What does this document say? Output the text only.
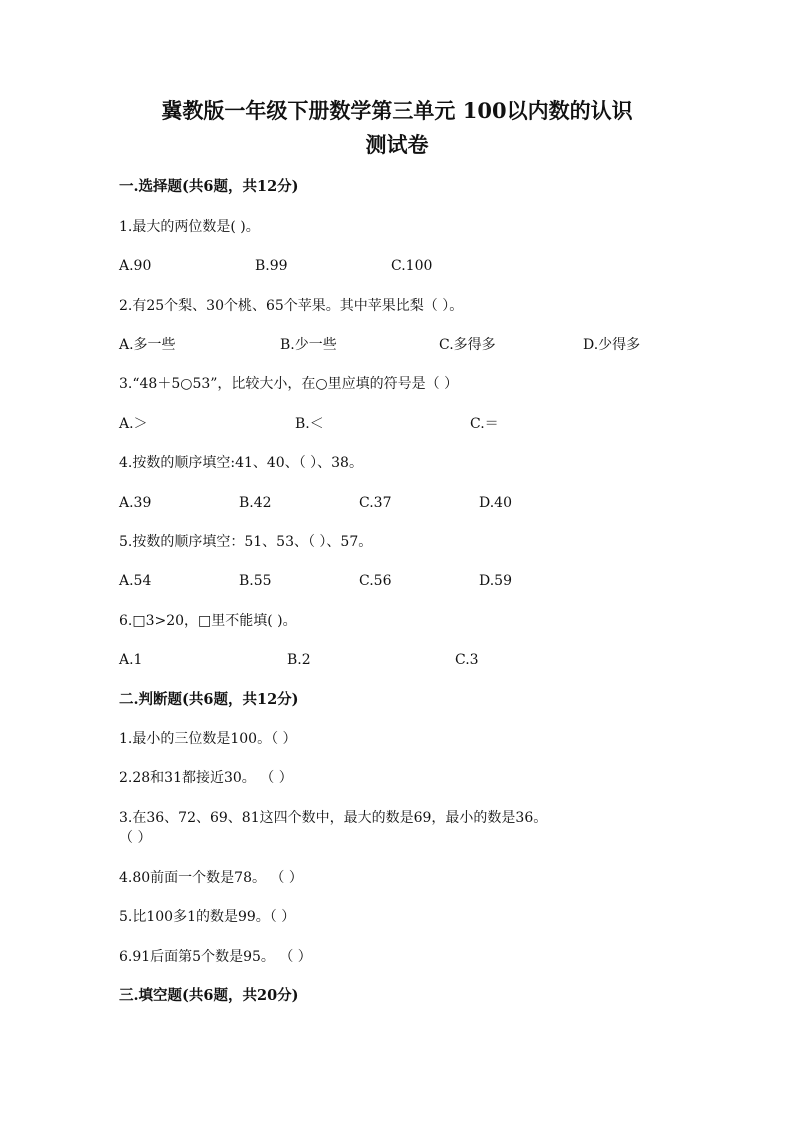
冀教版一年级下册数学第三单元 100以内数的认识
测试卷
一.选择题(共6题，共12分)
1.最大的两位数是( )。
A.90	B.99	C.100
2.有25个梨、30个桃、65个苹果。其中苹果比梨（ ）。
A.多一些	B.少一些	C.多得多	D.少得多
3.“48＋5○53”，比较大小，在○里应填的符号是（ ）
A.＞	B.＜	C.＝
4.按数的顺序填空:41、40、（ ）、38。
A.39	B.42	C.37	D.40
5.按数的顺序填空：51、53、（ ）、57。
A.54	B.55	C.56	D.59
6.□3>20，□里不能填( )。
A.1	B.2	C.3
二.判断题(共6题，共12分)
1.最小的三位数是100。（ ）
2.28和31都接近30。 （ ）
3.在36、72、69、81这四个数中，最大的数是69，最小的数是36。
（ ）
4.80前面一个数是78。 （ ）
5.比100多1的数是99。（ ）
6.91后面第5个数是95。 （ ）
三.填空题(共6题，共20分)
